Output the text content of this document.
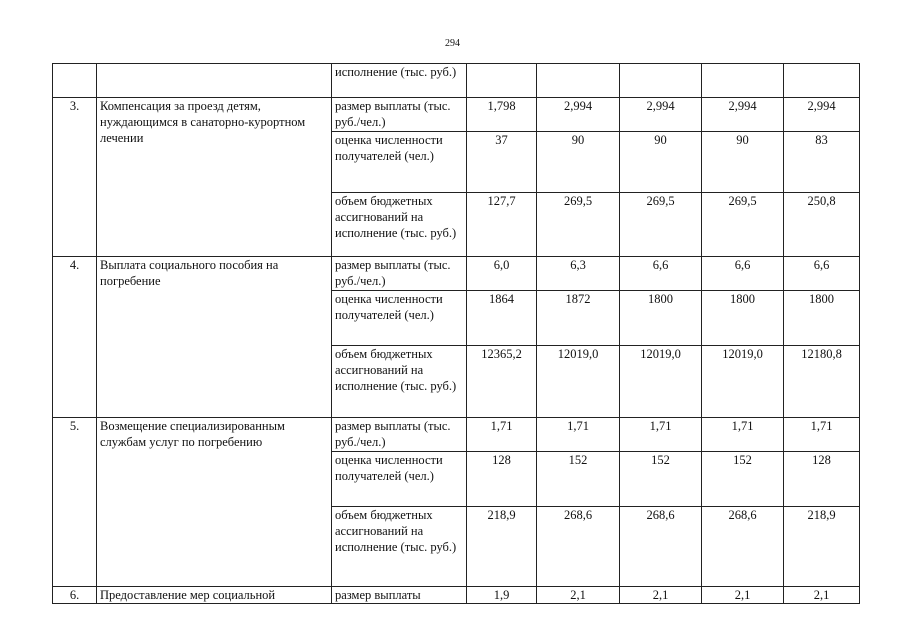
294
		исполнение (тыс. руб.)					
3.	Компенсация за проезд детям, нуждающимся в санаторно-курортном лечении	размер выплаты (тыс. руб./чел.)	1,798	2,994	2,994	2,994	2,994
		оценка численности получателей (чел.)	37	90	90	90	83
		объем бюджетных ассигнований на исполнение (тыс. руб.)	127,7	269,5	269,5	269,5	250,8
4.	Выплата социального пособия на погребение	размер выплаты (тыс. руб./чел.)	6,0	6,3	6,6	6,6	6,6
		оценка численности получателей (чел.)	1864	1872	1800	1800	1800
		объем бюджетных ассигнований на исполнение (тыс. руб.)	12365,2	12019,0	12019,0	12019,0	12180,8
5.	Возмещение специализированным службам услуг по погребению	размер выплаты (тыс. руб./чел.)	1,71	1,71	1,71	1,71	1,71
		оценка численности получателей (чел.)	128	152	152	152	128
		объем бюджетных ассигнований на исполнение (тыс. руб.)	218,9	268,6	268,6	268,6	218,9
6.	Предоставление мер социальной	размер выплаты	1,9	2,1	2,1	2,1	2,1
